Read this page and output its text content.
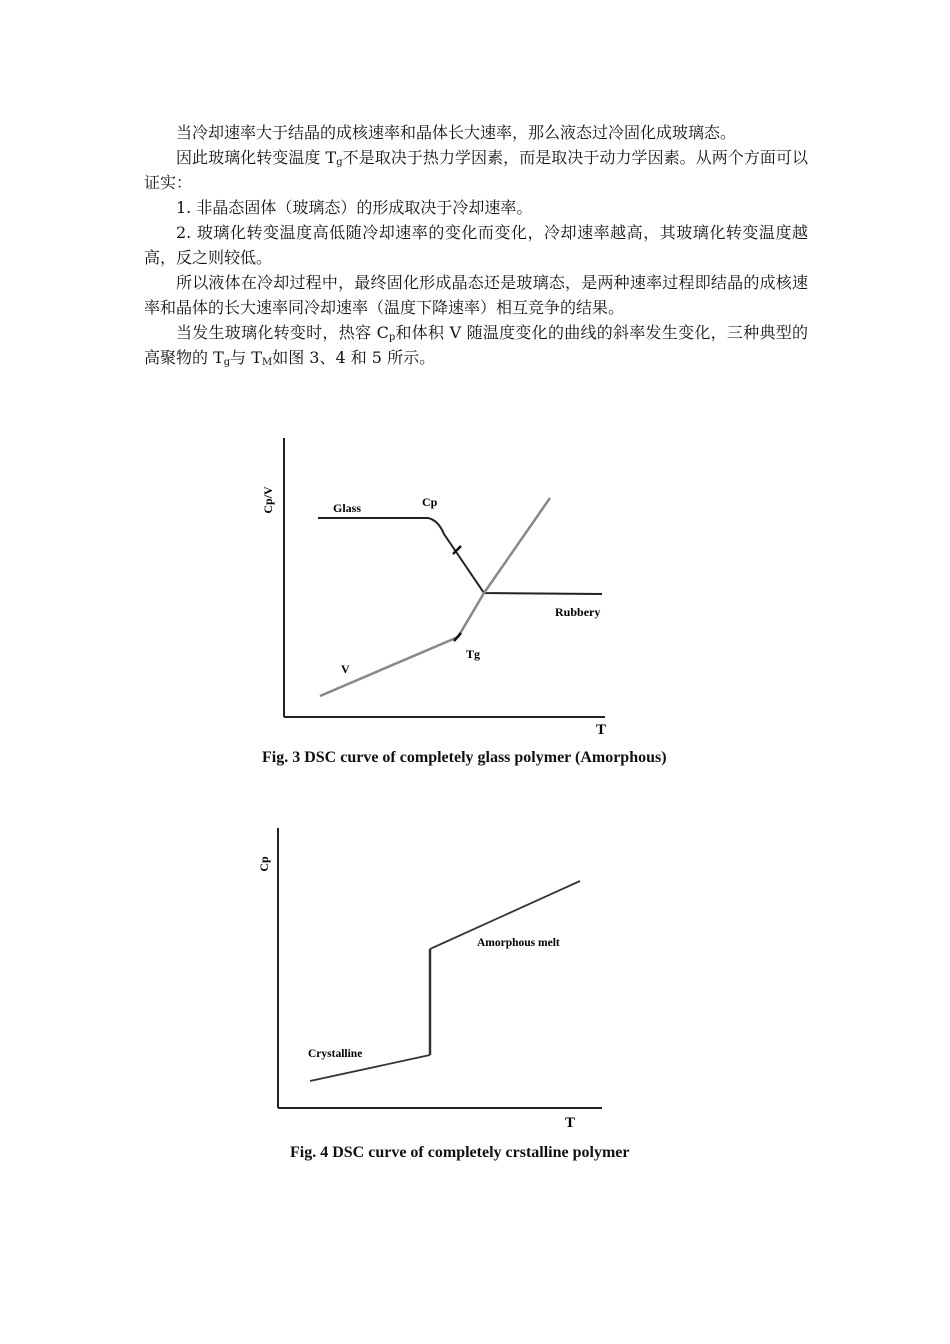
当冷却速率大于结晶的成核速率和晶体长大速率，那么液态过冷固化成玻璃态。

因此玻璃化转变温度 $T_g$不是取决于热力学因素，而是取决于动力学因素。从两个方面可以证实：

1. 非晶态固体（玻璃态）的形成取决于冷却速率。

2. 玻璃化转变温度高低随冷却速率的变化而变化，冷却速率越高，其玻璃化转变温度越高，反之则较低。

所以液体在冷却过程中，最终固化形成晶态还是玻璃态，是两种速率过程即结晶的成核速率和晶体的长大速率同冷却速率（温度下降速率）相互竞争的结果。

当发生玻璃化转变时，热容 $C_p$和体积 V 随温度变化的曲线的斜率发生变化，三种典型的高聚物的 $T_g$与 $T_M$如图 3、4 和 5 所示。

Cp/V
T
Glass	Cp
Rubbery
V
Tg
Fig. 3 DSC curve of completely glass polymer (Amorphous)
Cp
T
Amorphous melt
Crystalline
Fig. 4 DSC curve of completely crstalline polymer
